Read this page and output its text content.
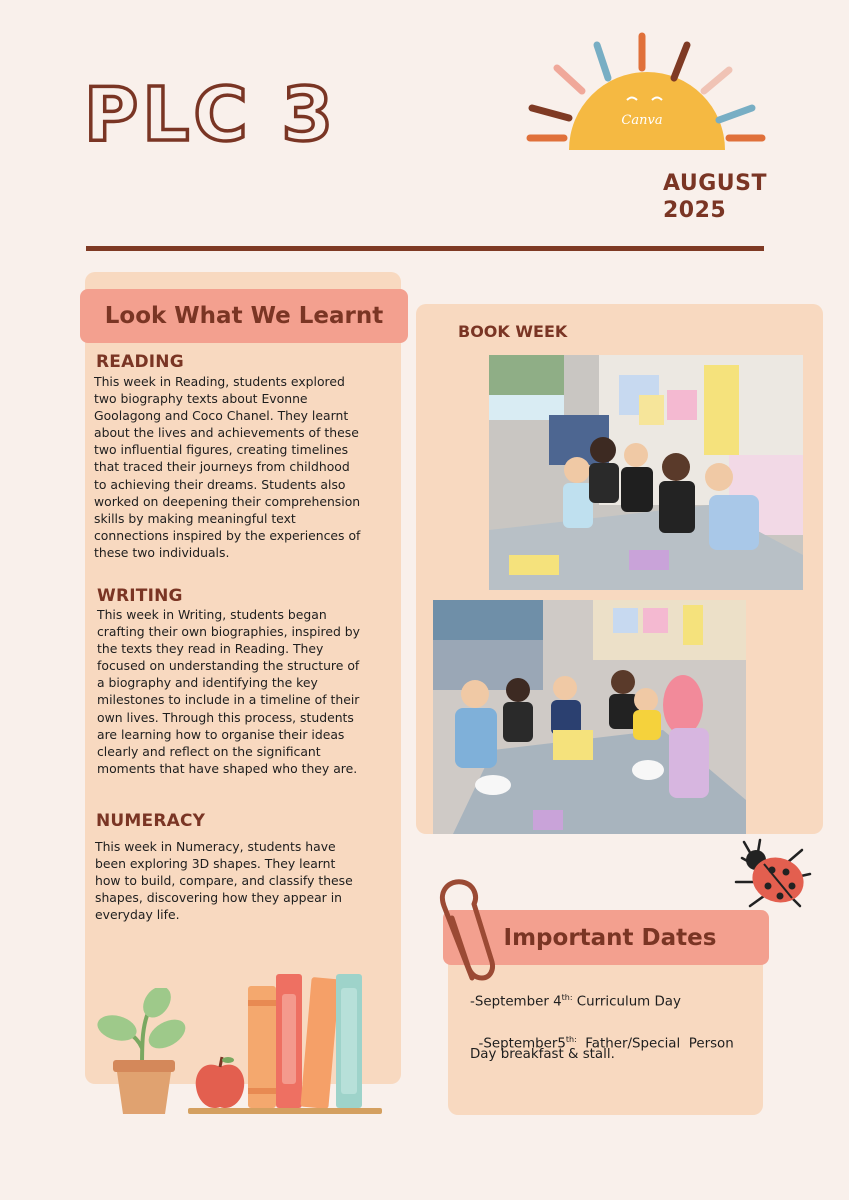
PLC 3	Canva
AUGUST
2025
Look What We Learnt
READING
This week in Reading, students explored two biography texts about Evonne Goolagong and Coco Chanel. They learnt about the lives and achievements of these two influential figures, creating timelines that traced their journeys from childhood to achieving their dreams. Students also worked on deepening their comprehension skills by making meaningful text connections inspired by the experiences of these two individuals.
WRITING
This week in Writing, students began crafting their own biographies, inspired by the texts they read in Reading. They focused on understanding the structure of a biography and identifying the key milestones to include in a timeline of their own lives. Through this process, students are learning how to organise their ideas clearly and reflect on the significant moments that have shaped who they are.
NUMERACY
This week in Numeracy, students have been exploring 3D shapes. They learnt how to build, compare, and classify these shapes, discovering how they appear in everyday life.
BOOK WEEK
Important Dates
-September $4^{th:}$ Curriculum Day

$-September5^{th:}$  Father/Special  Person

Day breakfast & stall.
